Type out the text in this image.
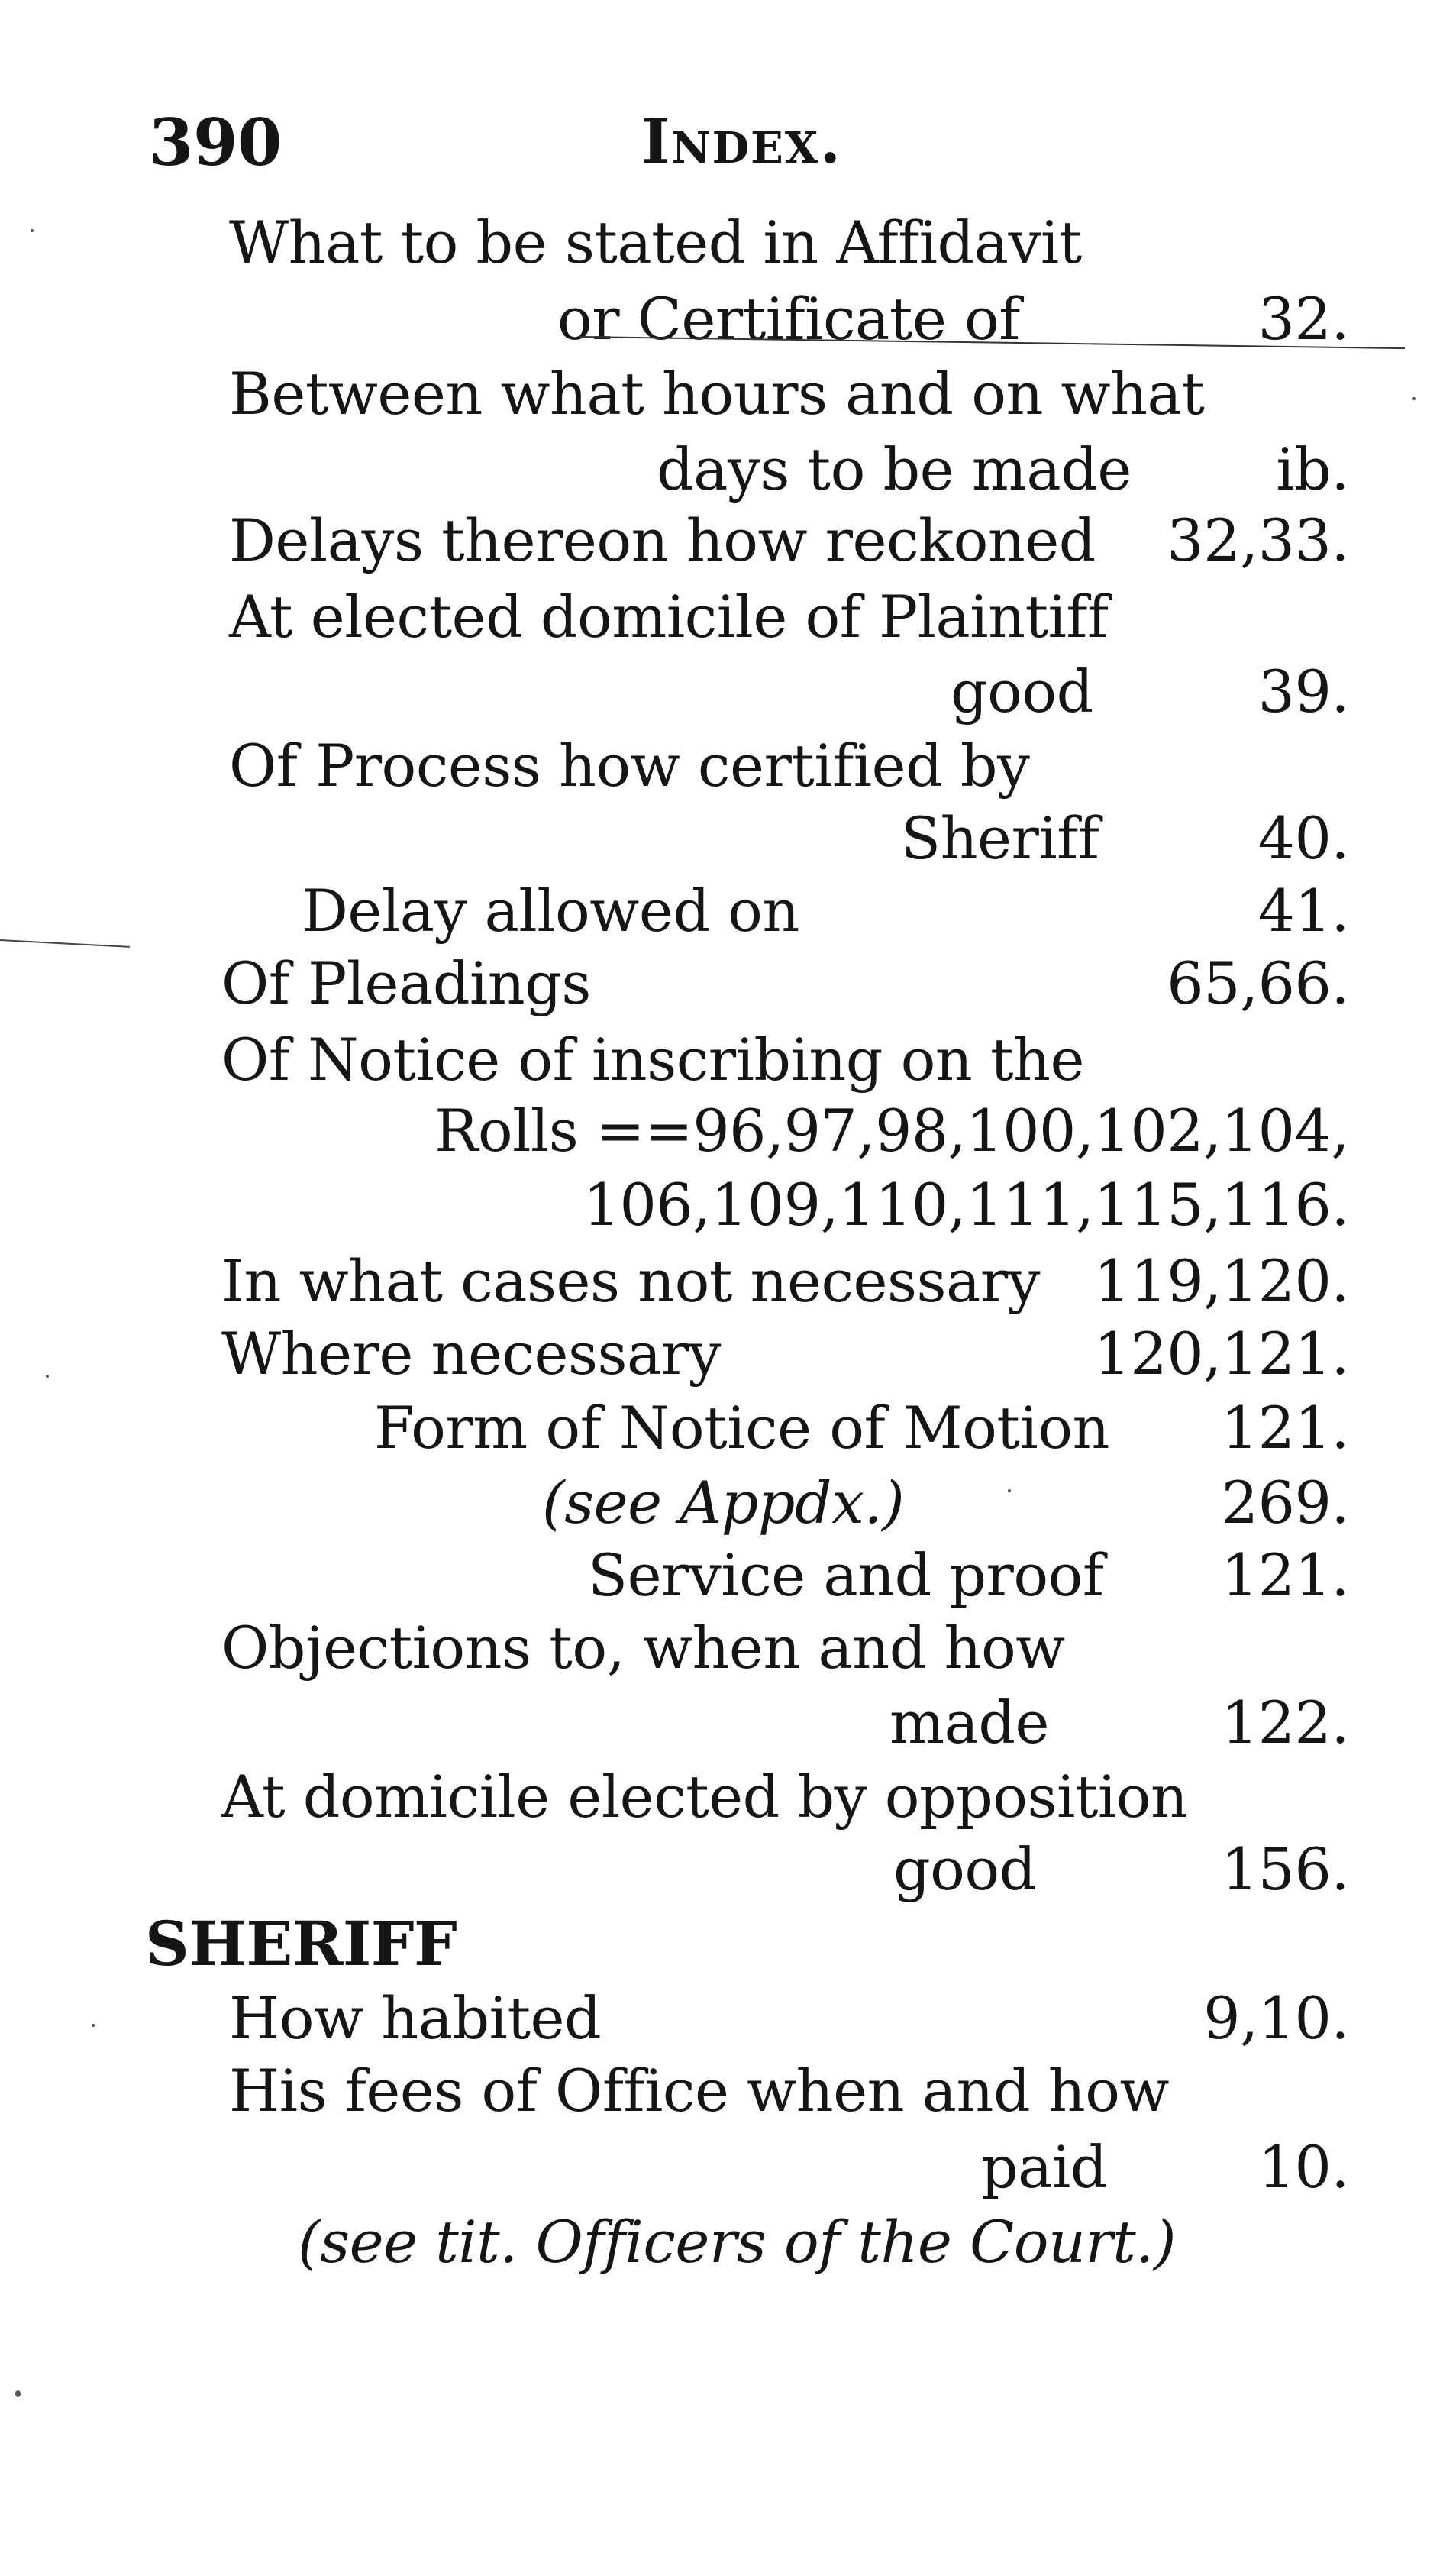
390	Index.
What to be stated in Affidavit
or Certificate of	32.
Between what hours and on what
days to be made ib.
Delays thereon how reckoned 32,33.
At elected domicile of Plaintiff
good	39.
Of Process how certified by
Sheriff	40.
Delay allowed on	41.
Of Pleadings	65,66.
Of Notice of inscribing on the
Rolls ==96,97,98,100,102,104,
106,109,110,111,115,116.
In what cases not necessary 119,120.
Where necessary	120,121.
Form of Notice of Motion 121.
(see Appdx.)	269.
Service and proof 121.
Objections to, when and how
made	122.
At domicile elected by opposition
good	156.
SHERIFF
How habited	9,10.
His fees of Office when and how
paid	10.
(see tit. Officers of the Court.)
